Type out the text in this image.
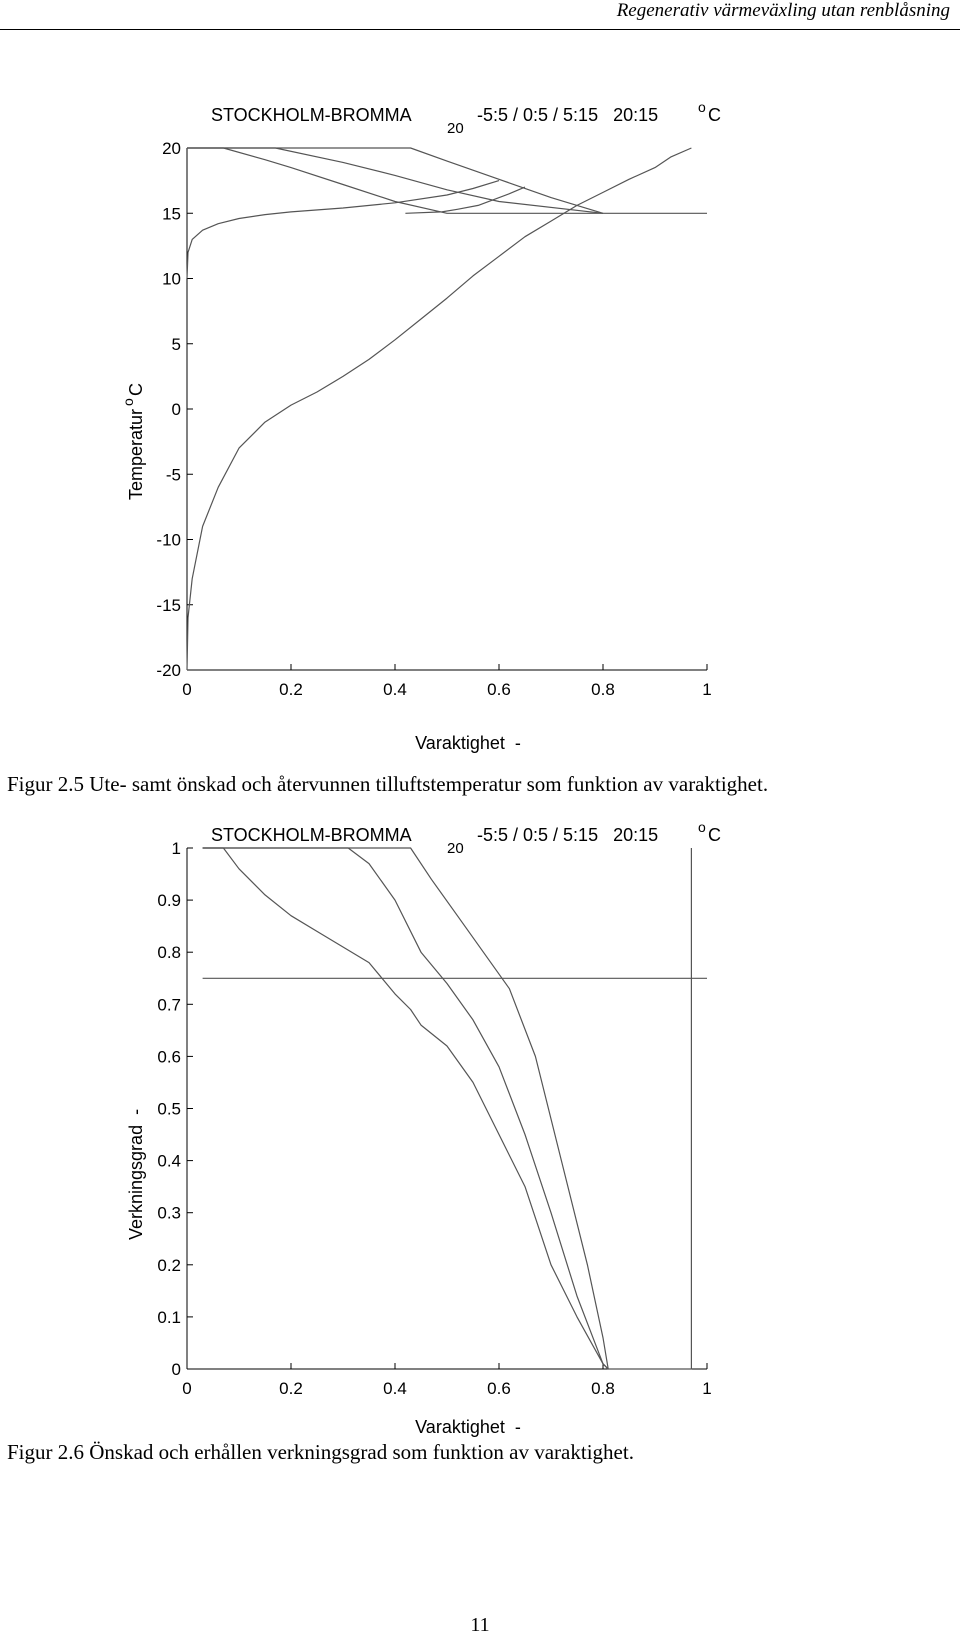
Regenerativ värmeväxling utan renblåsning
STOCKHOLM-BROMMA
20
-5:5 / 0:5 / 5:15   20:15	o C
Temperatur
o
C
Varaktighet  -
0	0.2	0.4	0.6	0.8	1
-20
-15
-10
-5
0
5
10
15
20
Figur 2.5 Ute- samt önskad och återvunnen tilluftstemperatur som funktion av varaktighet.
STOCKHOLM-BROMMA
20
-5:5 / 0:5 / 5:15   20:15	o C
Verkningsgrad  -
Varaktighet  -
0	0.2	0.4	0.6	0.8	1
0
0.1
0.2
0.3
0.4
0.5
0.6
0.7
0.8
0.9
1
Figur 2.6 Önskad och erhållen verkningsgrad som funktion av varaktighet.
11
